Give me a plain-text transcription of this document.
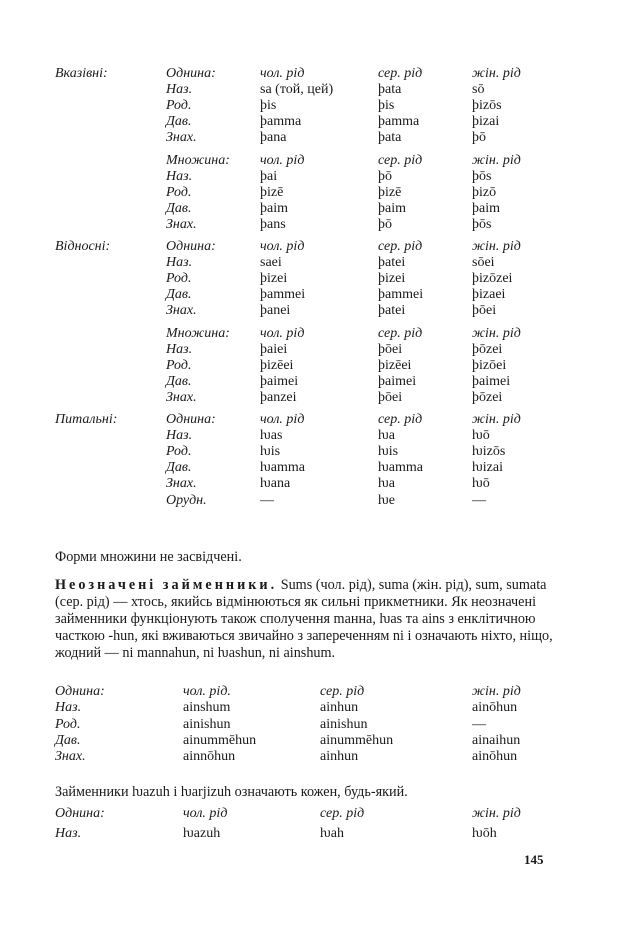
Вказівні:	Однина:	чол. рід	сер. рід	жін. рід
Наз.	sa (той, цей)	þata	sō
Род.	þis	þis	þizōs
Дав.	þamma	þamma	þizai
Знах.	þana	þata	þō
Множина: чол. рід	сер. рід	жін. рід
Наз.	þai	þō	þōs
Род.	þizē	þizē	þizō
Дав.	þaim	þaim	þaim
Знах.	þans	þō	þōs
Відносні:	Однина:	чол. рід	сер. рід	жін. рід
Наз.	saei	þatei	sōei
Род.	þizei	þizei	þizōzei
Дав.	þammei	þammei	þizaei
Знах.	þanei	þatei	þōei
Множина: чол. рід	сер. рід	жін. рід
Наз.	þaiei	þōei	þōzei
Род.	þizēei	þizēei	þizōei
Дав.	þaimei	þaimei	þaimei
Знах.	þanzei	þōei	þōzei
Питальні:	Однина:	чол. рід	сер. рід	жін. рід
Наз.	ƕas	ƕa	ƕō
Род.	ƕis	ƕis	ƕizōs
Дав.	ƕamma	ƕamma	ƕizai
Знах.	ƕana	ƕa	ƕō
Орудн.	—	ƕe	—
Форми множини не засвідчені.

Неозначені займенники. Sums (чол. рід), suma (жін. рід), sum, sumata (сер. рід) — хтось, якийсь відмінюються як сильні прикметники. Як неозначені займенники функціонують також сполучення mанна, ƕas та ains з енклітичною часткою -hun, які вживаються звичайно з запереченням ni і означають ніхто, ніщо, жодний — ni mannahun, ni ƕashun, ni ainshum.

Однина:	чол. рід.	сер. рід	жін. рід
Наз.	ainshum	ainhun	ainōhun
Род.	ainishun	ainishun	—
Дав.	ainummēhun	ainummēhun	ainaihun
Знах.	ainnōhun	ainhun	ainōhun

Займенники ƕazuh і ƕarjizuh означають кожен, будь-який.

Однина:	чол. рід	сер. рід	жін. рід
Наз.	ƕazuh	ƕah	ƕōh
145
